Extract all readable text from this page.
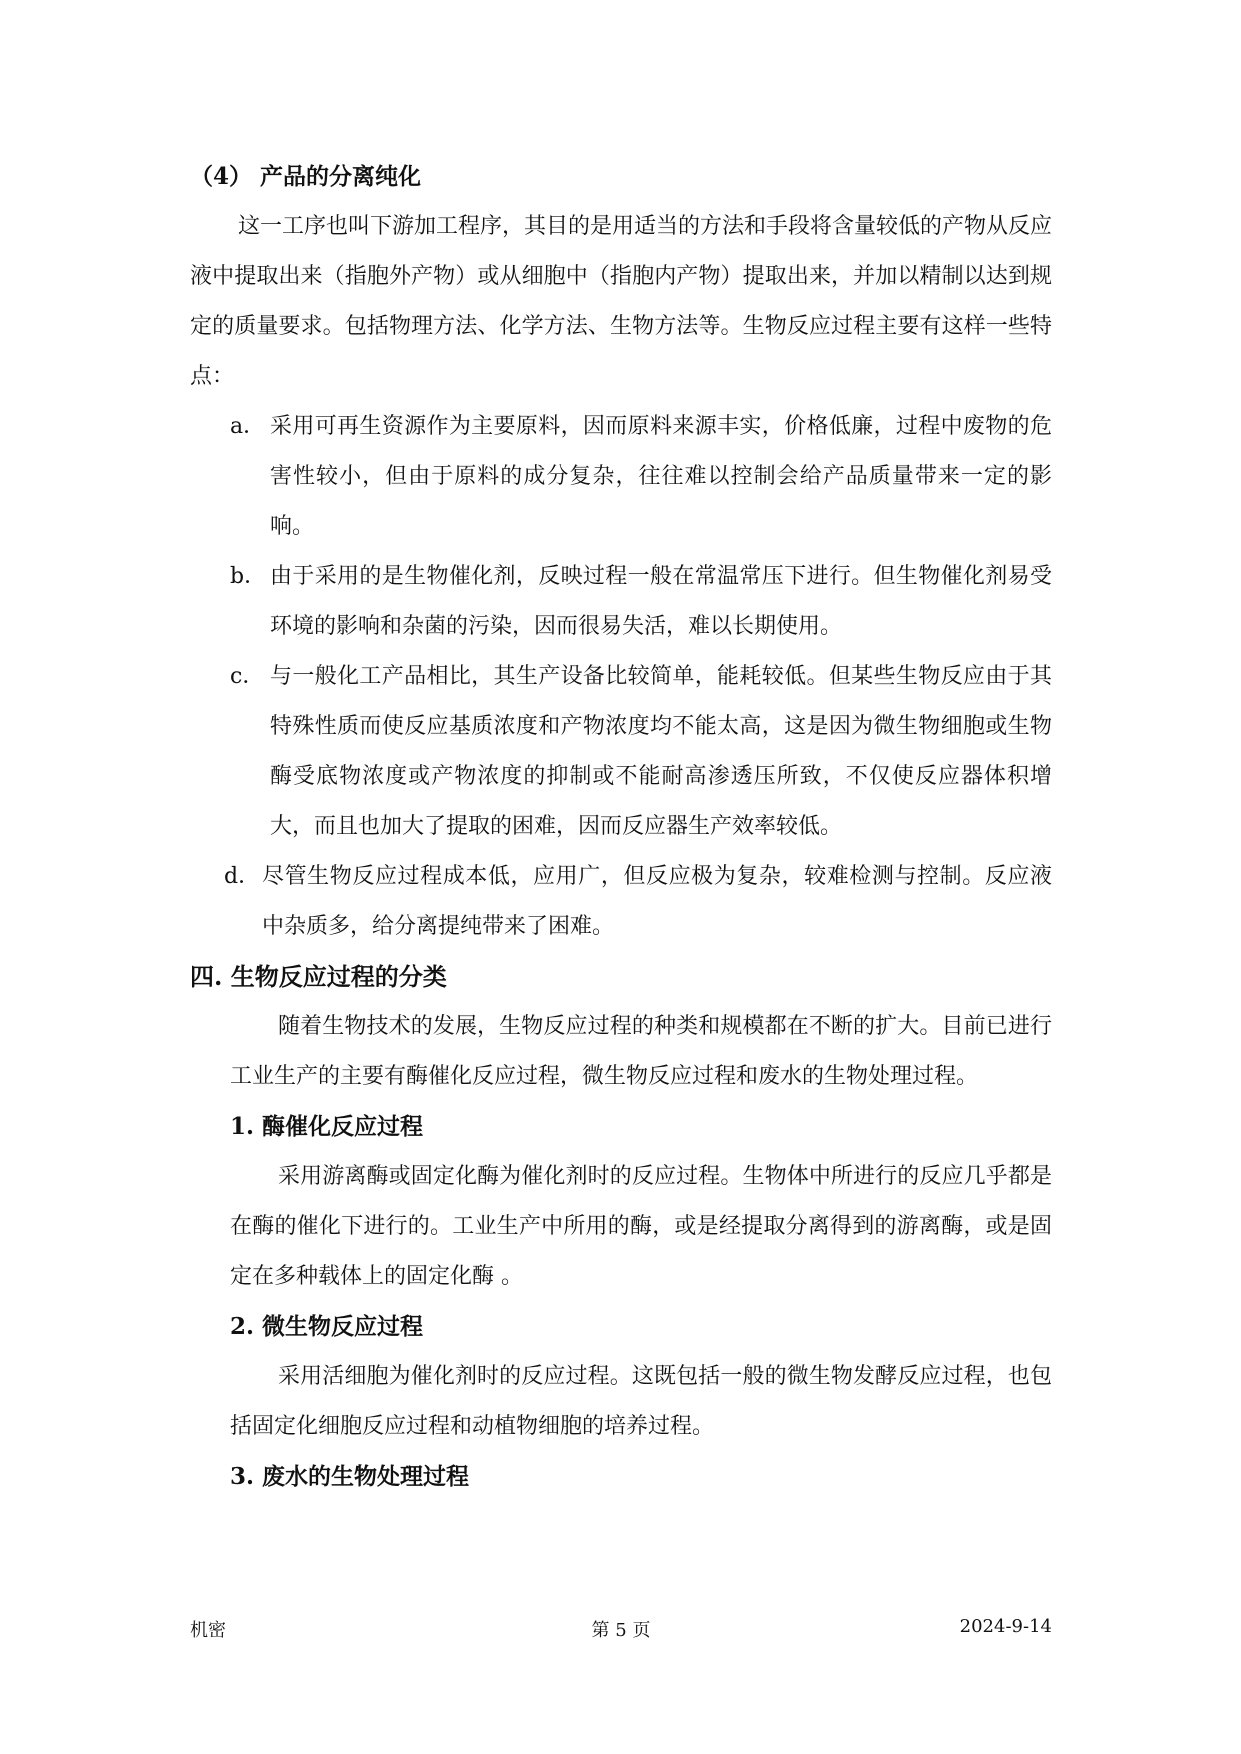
（4） 产品的分离纯化

这一工序也叫下游加工程序，其目的是用适当的方法和手段将含量较低的产物从反应液中提取出来（指胞外产物）或从细胞中（指胞内产物）提取出来，并加以精制以达到规定的质量要求。包括物理方法、化学方法、生物方法等。生物反应过程主要有这样一些特点：

a． 采用可再生资源作为主要原料，因而原料来源丰实，价格低廉，过程中废物的危害性较小，但由于原料的成分复杂，往往难以控制会给产品质量带来一定的影响。
b． 由于采用的是生物催化剂，反映过程一般在常温常压下进行。但生物催化剂易受环境的影响和杂菌的污染，因而很易失活，难以长期使用。
c． 与一般化工产品相比，其生产设备比较简单，能耗较低。但某些生物反应由于其特殊性质而使反应基质浓度和产物浓度均不能太高，这是因为微生物细胞或生物酶受底物浓度或产物浓度的抑制或不能耐高渗透压所致，不仅使反应器体积增大，而且也加大了提取的困难，因而反应器生产效率较低。
d． 尽管生物反应过程成本低，应用广，但反应极为复杂，较难检测与控制。反应液中杂质多，给分离提纯带来了困难。

四. 生物反应过程的分类

随着生物技术的发展，生物反应过程的种类和规模都在不断的扩大。目前已进行工业生产的主要有酶催化反应过程，微生物反应过程和废水的生物处理过程。

1. 酶催化反应过程

采用游离酶或固定化酶为催化剂时的反应过程。生物体中所进行的反应几乎都是在酶的催化下进行的。工业生产中所用的酶，或是经提取分离得到的游离酶，或是固定在多种载体上的固定化酶 。

2. 微生物反应过程

采用活细胞为催化剂时的反应过程。这既包括一般的微生物发酵反应过程，也包括固定化细胞反应过程和动植物细胞的培养过程。

3. 废水的生物处理过程

机密	第 5 页	2024-9-14
